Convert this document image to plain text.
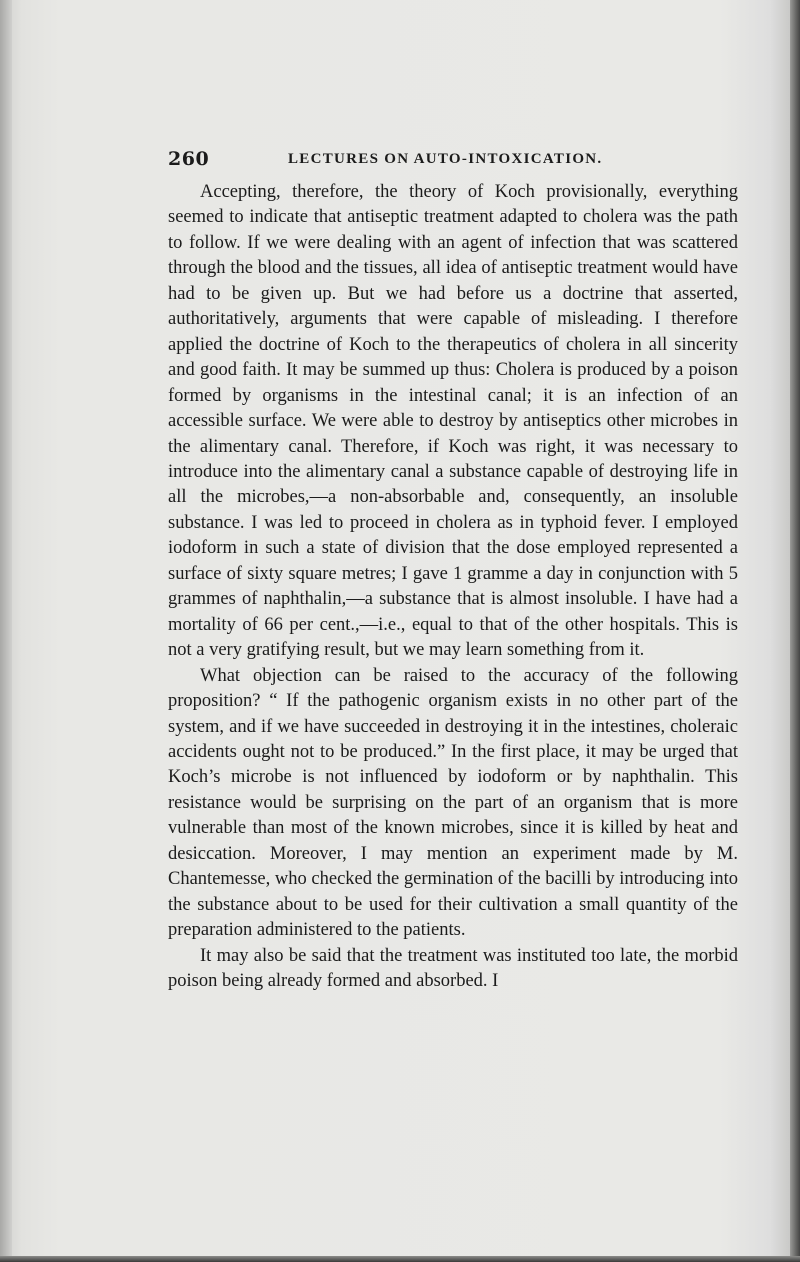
260	LECTURES ON AUTO-INTOXICATION.

Accepting, therefore, the theory of Koch provisionally, everything seemed to indicate that antiseptic treatment adapted to cholera was the path to follow. If we were dealing with an agent of infection that was scattered through the blood and the tissues, all idea of antiseptic treatment would have had to be given up. But we had before us a doctrine that asserted, authoritatively, arguments that were capable of misleading. I therefore applied the doctrine of Koch to the therapeutics of cholera in all sincerity and good faith. It may be summed up thus: Cholera is produced by a poison formed by organisms in the intestinal canal; it is an infection of an accessible surface. We were able to destroy by antiseptics other microbes in the alimentary canal. Therefore, if Koch was right, it was necessary to introduce into the alimentary canal a substance capable of destroying life in all the microbes,—a non-absorbable and, consequently, an insoluble substance. I was led to proceed in cholera as in typhoid fever. I employed iodoform in such a state of division that the dose employed represented a surface of sixty square metres; I gave 1 gramme a day in conjunction with 5 grammes of naphthalin,—a substance that is almost insoluble. I have had a mortality of 66 per cent.,—i.e., equal to that of the other hospitals. This is not a very gratifying result, but we may learn something from it.

What objection can be raised to the accuracy of the following proposition? “ If the pathogenic organism exists in no other part of the system, and if we have succeeded in destroying it in the intestines, choleraic accidents ought not to be produced.” In the first place, it may be urged that Koch’s microbe is not influenced by iodoform or by naphthalin. This resistance would be surprising on the part of an organism that is more vulnerable than most of the known microbes, since it is killed by heat and desiccation. Moreover, I may mention an experiment made by M. Chantemesse, who checked the germination of the bacilli by introducing into the substance about to be used for their cultivation a small quantity of the preparation administered to the patients.

It may also be said that the treatment was instituted too late, the morbid poison being already formed and absorbed. I
